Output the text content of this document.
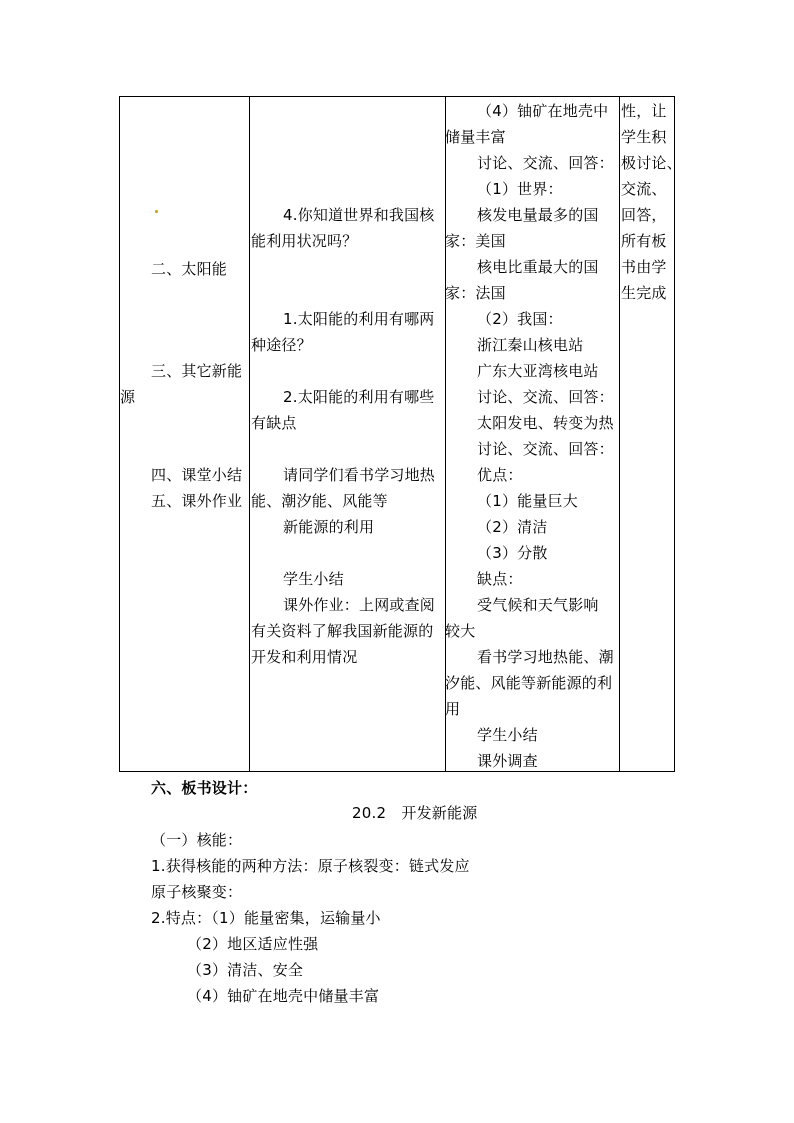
二、太阳能
三、其它新能
源
四、课堂小结
五、课外作业
4.你知道世界和我国核
能利用状况吗？
1.太阳能的利用有哪两
种途径？
2.太阳能的利用有哪些
有缺点
请同学们看书学习地热
能、潮汐能、风能等
新能源的利用
学生小结
课外作业：上网或查阅
有关资料了解我国新能源的
开发和利用情况
（4）铀矿在地壳中
储量丰富
讨论、交流、回答：
（1）世界：
核发电量最多的国
家：美国
核电比重最大的国
家：法国
（2）我国：
浙江秦山核电站
广东大亚湾核电站
讨论、交流、回答：
太阳发电、转变为热
讨论、交流、回答：
优点：
（1）能量巨大
（2）清洁
（3）分散
缺点：
受气候和天气影响
较大
看书学习地热能、潮
汐能、风能等新能源的利
用
学生小结
课外调查
性，让
学生积
极讨论、
交流、
回答，
所有板
书由学
生完成
六、板书设计：
20.2　开发新能源
（一）核能：
1.获得核能的两种方法：原子核裂变：链式发应
原子核聚变：
2.特点：（1）能量密集，运输量小
（2）地区适应性强
（3）清洁、安全
（4）铀矿在地壳中储量丰富
